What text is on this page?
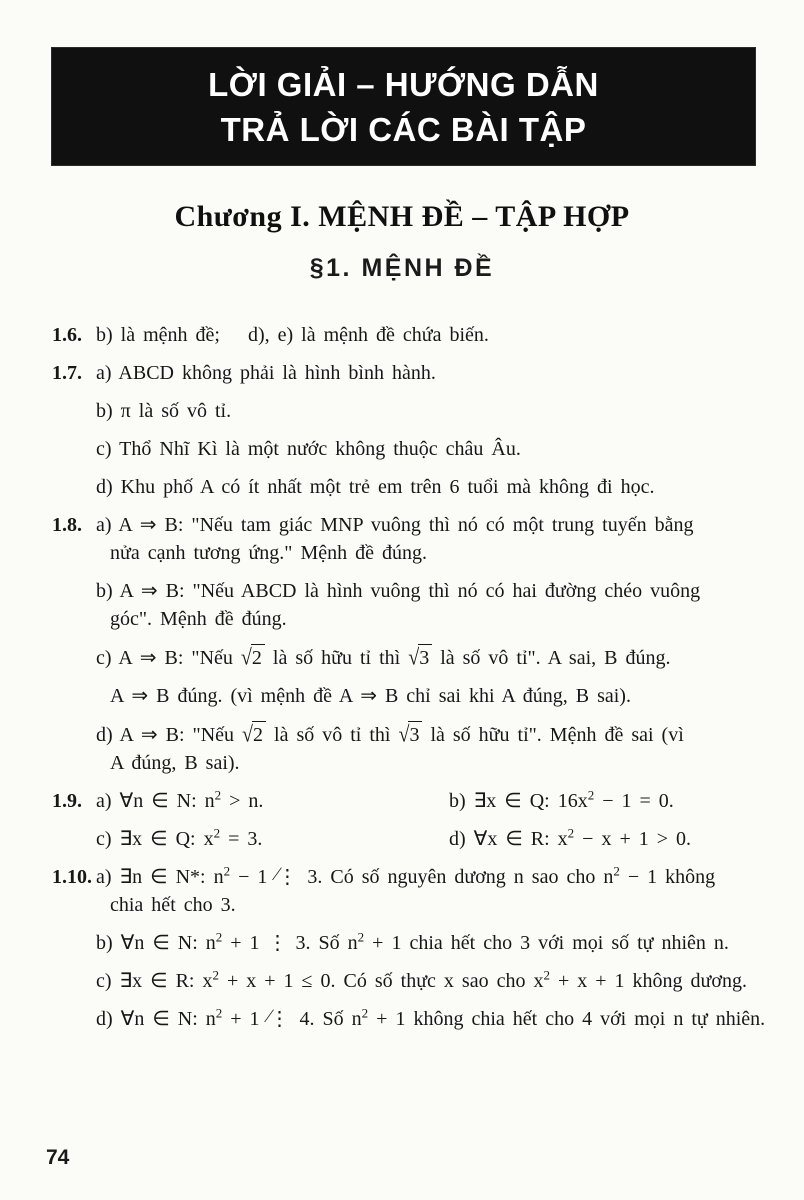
LỜI GIẢI – HƯỚNG DẪN
TRẢ LỜI CÁC BÀI TẬP
Chương I. MỆNH ĐỀ – TẬP HỢP
§1. MỆNH ĐỀ
1.6. b) là mệnh đề;  d), e) là mệnh đề chứa biến.
1.7. a) ABCD không phải là hình bình hành.
b) π là số vô tỉ.
c) Thổ Nhĩ Kì là một nước không thuộc châu Âu.
d) Khu phố A có ít nhất một trẻ em trên 6 tuổi mà không đi học.
1.8. a) A ⇒ B: "Nếu tam giác MNP vuông thì nó có một trung tuyến bằng
nửa cạnh tương ứng." Mệnh đề đúng.
b) A ⇒ B: "Nếu ABCD là hình vuông thì nó có hai đường chéo vuông
góc". Mệnh đề đúng.
c) A ⇒ B: "Nếu √2 là số hữu tỉ thì √3 là số vô tỉ". A sai, B đúng.
A ⇒ B đúng. (vì mệnh đề A ⇒ B chỉ sai khi A đúng, B sai).
d) A ⇒ B: "Nếu √2 là số vô tỉ thì √3 là số hữu tỉ". Mệnh đề sai (vì
A đúng, B sai).
1.9. a) ∀n ∈ N: $n^2 > n$.	b) ∃x ∈ Q: $16x^2 - 1 = 0$.
c) ∃x ∈ Q: $x^2 = 3$.	d) ∀x ∈ R: $x^2 - x + 1 > 0$.
1.10. a) ∃n ∈ N*: $n^2 - 1$ ⋮ ∕ 3. Có số nguyên dương n sao cho $n^2 - 1$ không
chia hết cho 3.
b) ∀n ∈ N: $n^2 + 1$ ⋮ 3. Số $n^2 + 1$ chia hết cho 3 với mọi số tự nhiên n.
c) ∃x ∈ R: $x^2 + x + 1 \le 0$. Có số thực x sao cho $x^2 + x + 1$ không dương.
d) ∀n ∈ N: $n^2 + 1$ ⋮ ∕ 4. Số $n^2 + 1$ không chia hết cho 4 với mọi n tự nhiên.
74
